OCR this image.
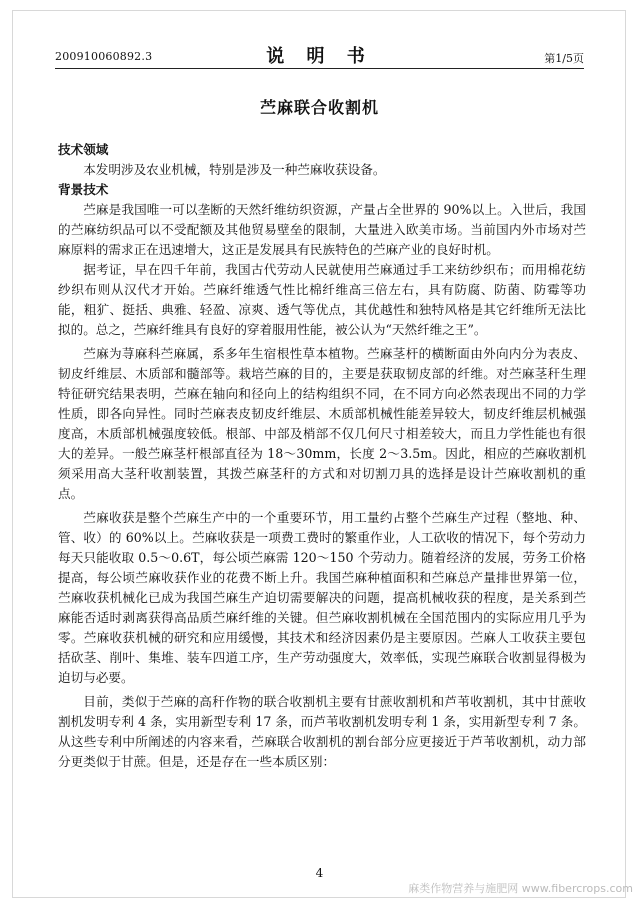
200910060892.3	说 明 书	第1/5页
苎麻联合收割机

技术领域

本发明涉及农业机械，特别是涉及一种苎麻收获设备。

背景技术

苎麻是我国唯一可以垄断的天然纤维纺织资源，产量占全世界的 90%以上。入世后，我国的苎麻纺织品可以不受配额及其他贸易壁垒的限制，大量进入欧美市场。当前国内外市场对苎麻原料的需求正在迅速增大，这正是发展具有民族特色的苎麻产业的良好时机。

据考证，早在四千年前，我国古代劳动人民就使用苎麻通过手工来纺纱织布；而用棉花纺纱织布则从汉代才开始。苎麻纤维透气性比棉纤维高三倍左右，具有防腐、防菌、防霉等功能，粗犷、挺括、典雅、轻盈、凉爽、透气等优点，其优越性和独特风格是其它纤维所无法比拟的。总之，苎麻纤维具有良好的穿着服用性能，被公认为“天然纤维之王”。

苎麻为荨麻科苎麻属，系多年生宿根性草本植物。苎麻茎杆的横断面由外向内分为表皮、韧皮纤维层、木质部和髓部等。栽培苎麻的目的，主要是获取韧皮部的纤维。对苎麻茎秆生理特征研究结果表明，苎麻在轴向和径向上的结构组织不同，在不同方向必然表现出不同的力学性质，即各向异性。同时苎麻表皮韧皮纤维层、木质部机械性能差异较大，韧皮纤维层机械强度高，木质部机械强度较低。根部、中部及梢部不仅几何尺寸相差较大，而且力学性能也有很大的差异。一般苎麻茎杆根部直径为 18～30mm，长度 2～3.5m。因此，相应的苎麻收割机须采用高大茎秆收割装置，其拨苎麻茎秆的方式和对切割刀具的选择是设计苎麻收割机的重点。

苎麻收获是整个苎麻生产中的一个重要环节，用工量约占整个苎麻生产过程（整地、种、管、收）的 60%以上。苎麻收获是一项费工费时的繁重作业，人工砍收的情况下，每个劳动力每天只能收取 0.5～0.6T，每公顷苎麻需 120～150 个劳动力。随着经济的发展，劳务工价格提高，每公顷苎麻收获作业的花费不断上升。我国苎麻种植面积和苎麻总产量排世界第一位，苎麻收获机械化已成为我国苎麻生产迫切需要解决的问题，提高机械收获的程度，是关系到苎麻能否适时剥离获得高品质苎麻纤维的关键。但苎麻收割机械在全国范围内的实际应用几乎为零。苎麻收获机械的研究和应用缓慢，其技术和经济因素仍是主要原因。苎麻人工收获主要包括砍茎、削叶、集堆、装车四道工序，生产劳动强度大，效率低，实现苎麻联合收割显得极为迫切与必要。

目前，类似于苎麻的高秆作物的联合收割机主要有甘蔗收割机和芦苇收割机，其中甘蔗收割机发明专利 4 条，实用新型专利 17 条，而芦苇收割机发明专利 1 条，实用新型专利 7 条。从这些专利中所阐述的内容来看，苎麻联合收割机的割台部分应更接近于芦苇收割机，动力部分更类似于甘蔗。但是，还是存在一些本质区别：

4
麻类作物营养与施肥网 www.fibercrops.com
